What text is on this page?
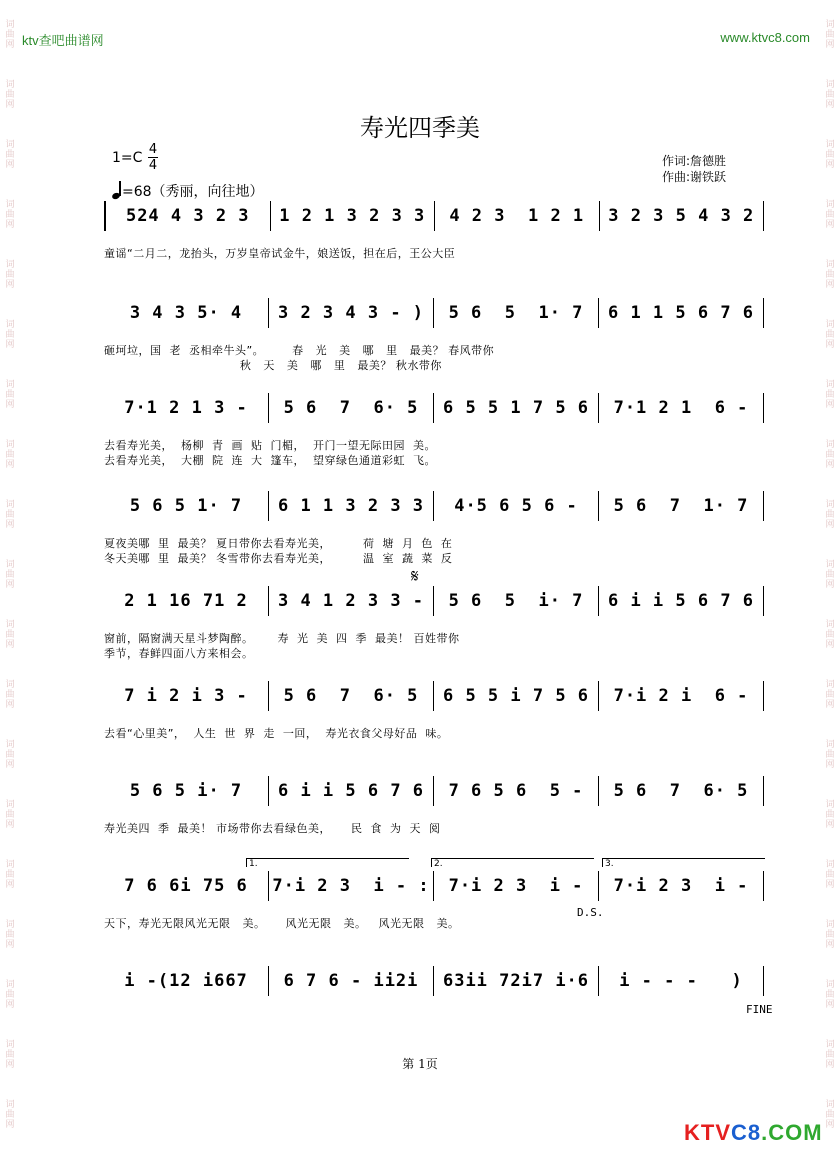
ktv查吧曲谱网	www.ktvc8.com
词
曲
网
词
曲
网
词
曲
网
词
曲
网
词
曲
网
词
曲
网
词
曲
网
词
曲
网
词
曲
网
词
曲
网
词
曲
网
词
曲
网
词
曲
网
词
曲
网
词
曲
网
词
曲
网
词
曲
网
词
曲
网
词
曲
网
词
曲
网
词
曲
网
词
曲
网
词
曲
网
词
曲
网
词
曲
网
词
曲
网
词
曲
网
词
曲
网
词
曲
网
词
曲
网
词
曲
网
词
曲
网
词
曲
网
词
曲
网
词
曲
网
词
曲
网
词
曲
网
词
曲
网
寿光四季美
1=C
4
4
=68（秀丽，向往地）
作词:詹德胜
作曲:谢铁跃
524 4 3 2 3	1 2 1 3 2 3 3	4 2 3  1 2 1	3 2 3 5 4 3 2
童谣“二月二，龙抬头，万岁皇帝试金牛，娘送饭，担在后，王公大臣
3 4 3 5· 4	3 2 3 4 3 - )	5 6  5  1· 7	6 1 1 5 6 7 6
砸坷垃，国  老  丞相牵牛头”。       春   光   美   哪   里   最美？ 春风带你
秋   天   美   哪   里   最美？ 秋水带你
7·1 2 1 3 -	5 6  7  6· 5	6 5 5 1 7 5 6	7·1 2 1  6 -
去看寿光美，  杨柳  青  画  贴  门楣，  开门一望无际田园  美。
去看寿光美，  大棚  院  连  大  篷车，  望穿绿色通道彩虹  飞。
5 6 5 1· 7	6 1 1 3 2 3 3	4·5 6 5 6 -	5 6  7  1· 7
夏夜美哪  里  最美？ 夏日带你去看寿光美，        荷  塘  月  色  在
冬天美哪  里  最美？ 冬雪带你去看寿光美，        温  室  蔬  菜  反
2 1 16 71 2	3 4 1 2 3 3 -	5 6  5  i· 7	6 i i 5 6 7 6
窗前，隔窗满天星斗梦陶醉。      寿  光  美  四  季  最美！ 百姓带你
季节，春鲜四面八方来相会。
7 i 2 i 3 -	5 6  7  6· 5	6 5 5 i 7 5 6	7·i 2 i  6 -
去看“心里美”，  人生  世  界  走  一回，  寿光衣食父母好品  味。
5 6 5 i· 7	6 i i 5 6 7 6	7 6 5 6  5 -	5 6  7  6· 5
寿光美四  季  最美！ 市场带你去看绿色美，     民  食  为  天  阅
7 6 6i 75 6	7·i 2 3  i - :	7·i 2 3  i -	7·i 2 3  i -
1.	2.	3.
天下，寿光无限风光无限   美。     风光无限   美。   风光无限   美。
i -(12 i667	6 7 6 - ii2i	63ii 72i7 i·6	i - - -   )
𝄋
D.S.
FINE
第 1页
KTVC8.COM
